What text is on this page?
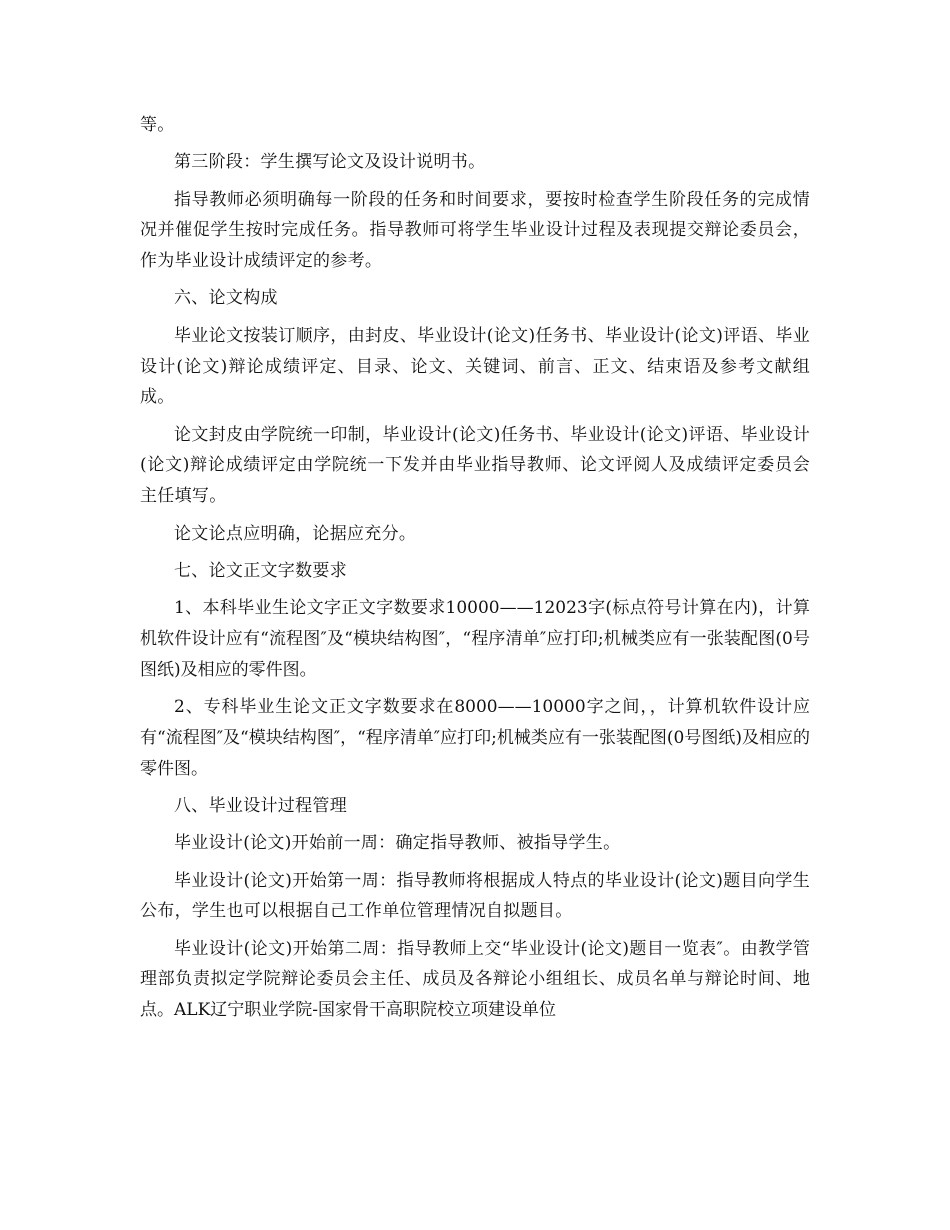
等。

第三阶段：学生撰写论文及设计说明书。

指导教师必须明确每一阶段的任务和时间要求，要按时检查学生阶段任务的完成情况并催促学生按时完成任务。指导教师可将学生毕业设计过程及表现提交辩论委员会，作为毕业设计成绩评定的参考。

六、论文构成

毕业论文按装订顺序，由封皮、毕业设计(论文)任务书、毕业设计(论文)评语、毕业设计(论文)辩论成绩评定、目录、论文、关键词、前言、正文、结束语及参考文献组成。

论文封皮由学院统一印制，毕业设计(论文)任务书、毕业设计(论文)评语、毕业设计(论文)辩论成绩评定由学院统一下发并由毕业指导教师、论文评阅人及成绩评定委员会主任填写。

论文论点应明确，论据应充分。

七、论文正文字数要求

1、本科毕业生论文字正文字数要求10000——12023字(标点符号计算在内)，计算机软件设计应有“流程图″及“模块结构图″，“程序清单″应打印;机械类应有一张装配图(0号图纸)及相应的零件图。

2、专科毕业生论文正文字数要求在8000——10000字之间，，计算机软件设计应有“流程图″及“模块结构图″，“程序清单″应打印;机械类应有一张装配图(0号图纸)及相应的零件图。

八、毕业设计过程管理

毕业设计(论文)开始前一周：确定指导教师、被指导学生。

毕业设计(论文)开始第一周：指导教师将根据成人特点的毕业设计(论文)题目向学生公布，学生也可以根据自己工作单位管理情况自拟题目。

毕业设计(论文)开始第二周：指导教师上交“毕业设计(论文)题目一览表″。由教学管理部负责拟定学院辩论委员会主任、成员及各辩论小组组长、成员名单与辩论时间、地点。ALK辽宁职业学院-国家骨干高职院校立项建设单位
